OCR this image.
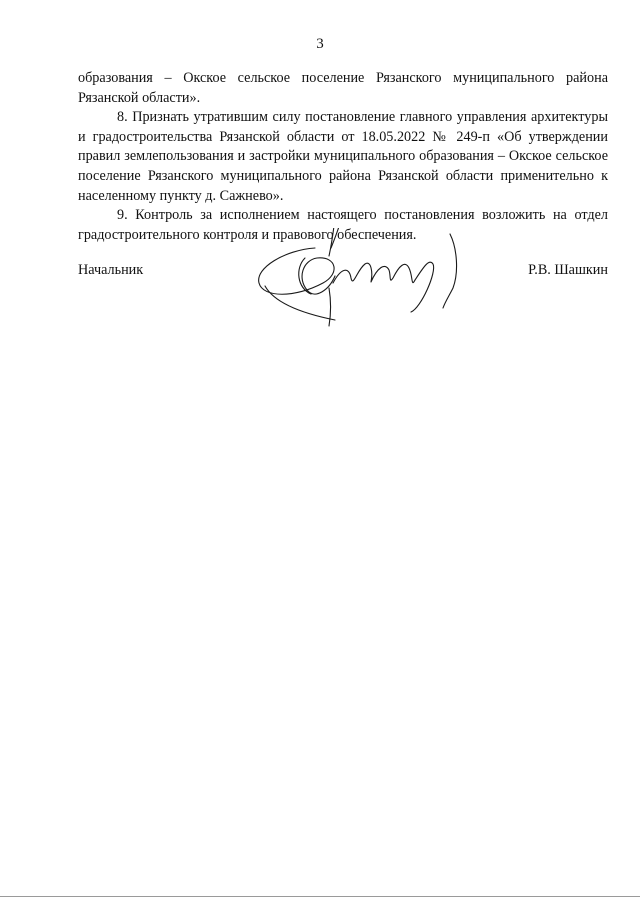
3

образования – Окское сельское поселение Рязанского муниципального района Рязанской области».

8. Признать утратившим силу постановление главного управления архитектуры и градостроительства Рязанской области от 18.05.2022 № 249-п «Об утверждении правил землепользования и застройки муниципального образования – Окское сельское поселение Рязанского муниципального района Рязанской области применительно к населенному пункту д. Сажнево».

9. Контроль за исполнением настоящего постановления возложить на отдел градостроительного контроля и правового обеспечения.

Начальник	Р.В. Шашкин
